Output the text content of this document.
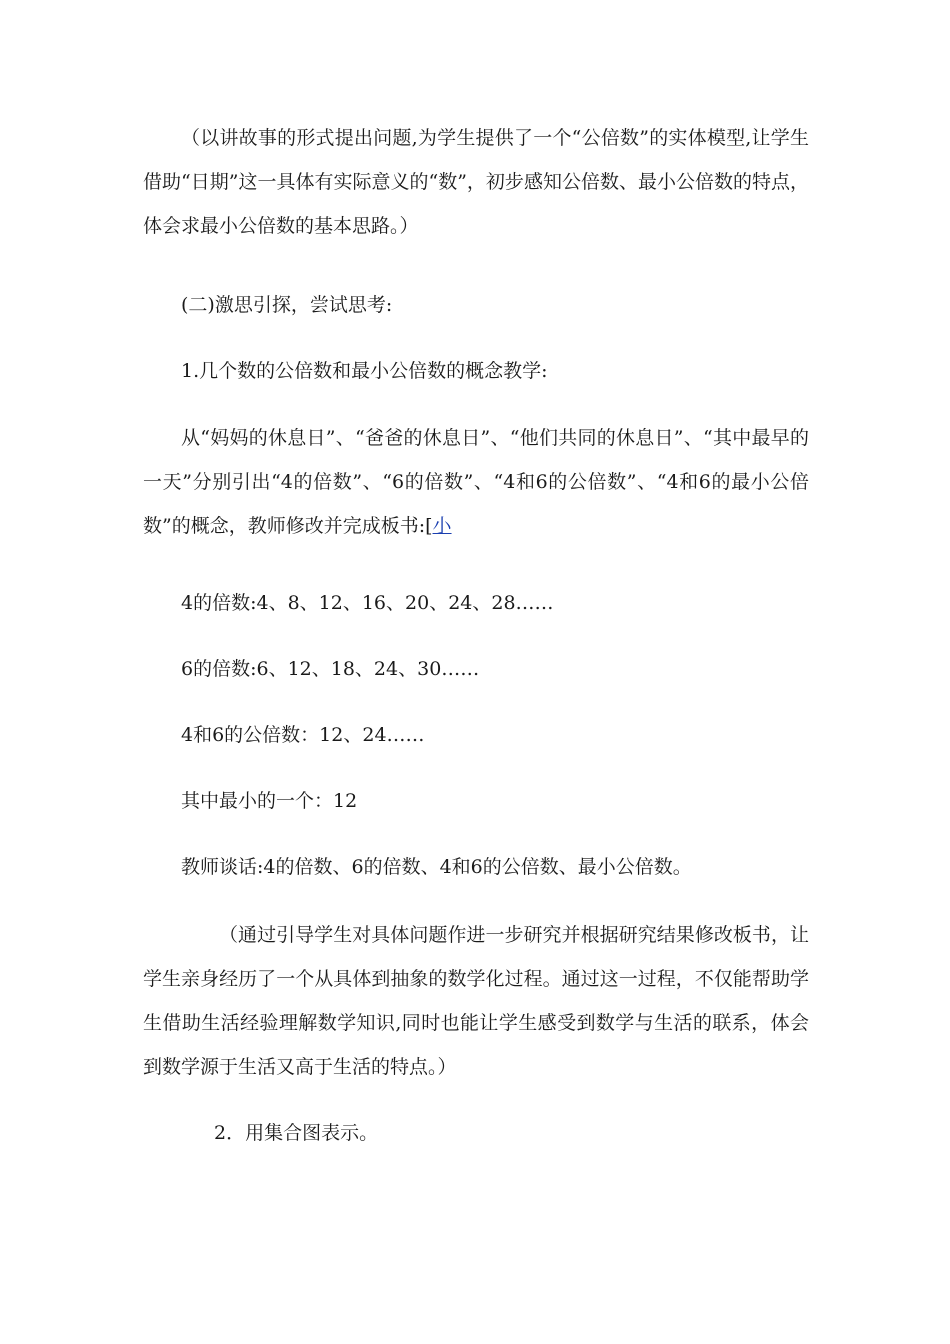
（以讲故事的形式提出问题,为学生提供了一个“公倍数”的实体模型,让学生借助“日期”这一具体有实际意义的“数”，初步感知公倍数、最小公倍数的特点，体会求最小公倍数的基本思路。）

(二)激思引探，尝试思考:

1.几个数的公倍数和最小公倍数的概念教学:

从“妈妈的休息日”、“爸爸的休息日”、“他们共同的休息日”、“其中最早的一天”分别引出“4的倍数”、“6的倍数”、“4和6的公倍数”、“4和6的最小公倍数”的概念，教师修改并完成板书:[小

4的倍数:4、8、12、16、20、24、28……

6的倍数:6、12、18、24、30……

4和6的公倍数：12、24……

其中最小的一个：12

教师谈话:4的倍数、6的倍数、4和6的公倍数、最小公倍数。

（通过引导学生对具体问题作进一步研究并根据研究结果修改板书，让学生亲身经历了一个从具体到抽象的数学化过程。通过这一过程，不仅能帮助学生借助生活经验理解数学知识,同时也能让学生感受到数学与生活的联系，体会到数学源于生活又高于生活的特点。）

2．用集合图表示。
